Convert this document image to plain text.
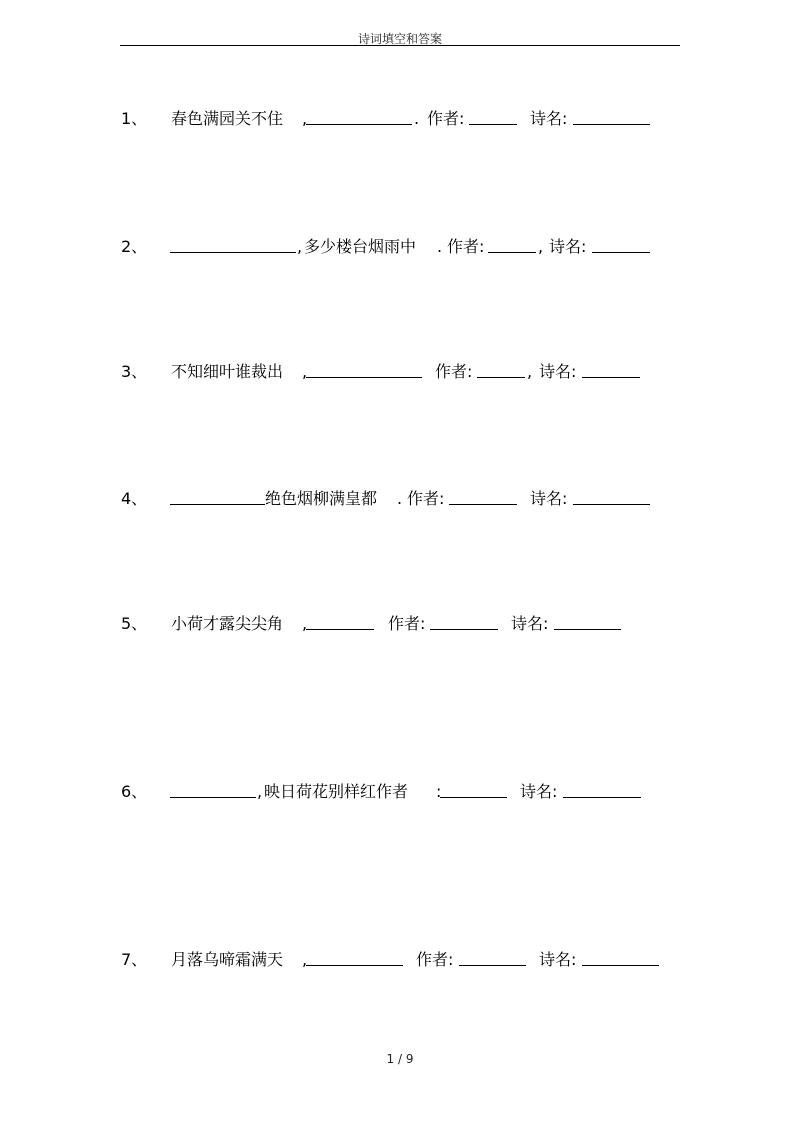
诗词填空和答案
1、 春色满园关不住 ,	. 作者:	诗名:
2、	, 多少楼台烟雨中 . 作者:	, 诗名:
3、 不知细叶谁裁出 ,	作者:	, 诗名:
4、	绝色烟柳满皇都 . 作者:	诗名:
5、 小荷才露尖尖角 ,	作者:	诗名:
6、	, 映日荷花别样红作者 :	诗名:
7、 月落乌啼霜满天 ,	作者:	诗名:
1 / 9
